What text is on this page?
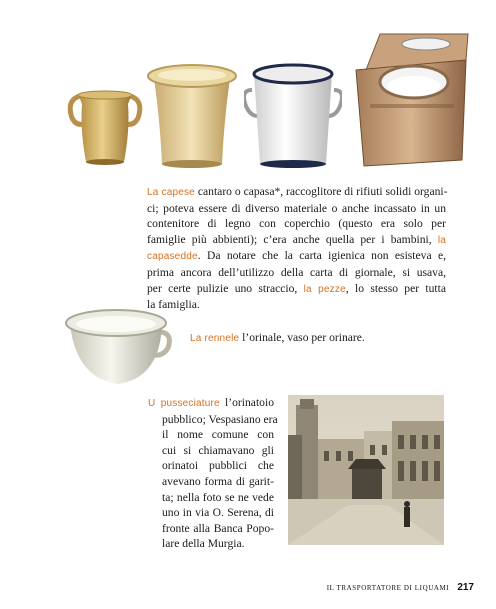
La capese cantaro o capasa*, raccoglitore di rifiuti solidi organi-
ci; poteva essere di diverso materiale o anche incassato in un
contenitore di legno con coperchio (questo era solo per
famiglie più abbienti); c’era anche quella per i bambini, la
capasedde. Da notare che la carta igienica non esisteva e,
prima ancora dell’utilizzo della carta di giornale, si usava,
per certe pulizie uno straccio, la pezze, lo stesso per tutta
la famiglia.
La rennele l’orinale, vaso per orinare.
U pusseciature l’orinatoio
pubblico; Vespasiano era
il nome comune con
cui si chiamavano gli
orinatoi pubblici che
avevano forma di garit-
ta; nella foto se ne vede
uno in via O. Serena, di
fronte alla Banca Popo-
lare della Murgia.
IL TRASPORTATORE DI LIQUAMI 217
